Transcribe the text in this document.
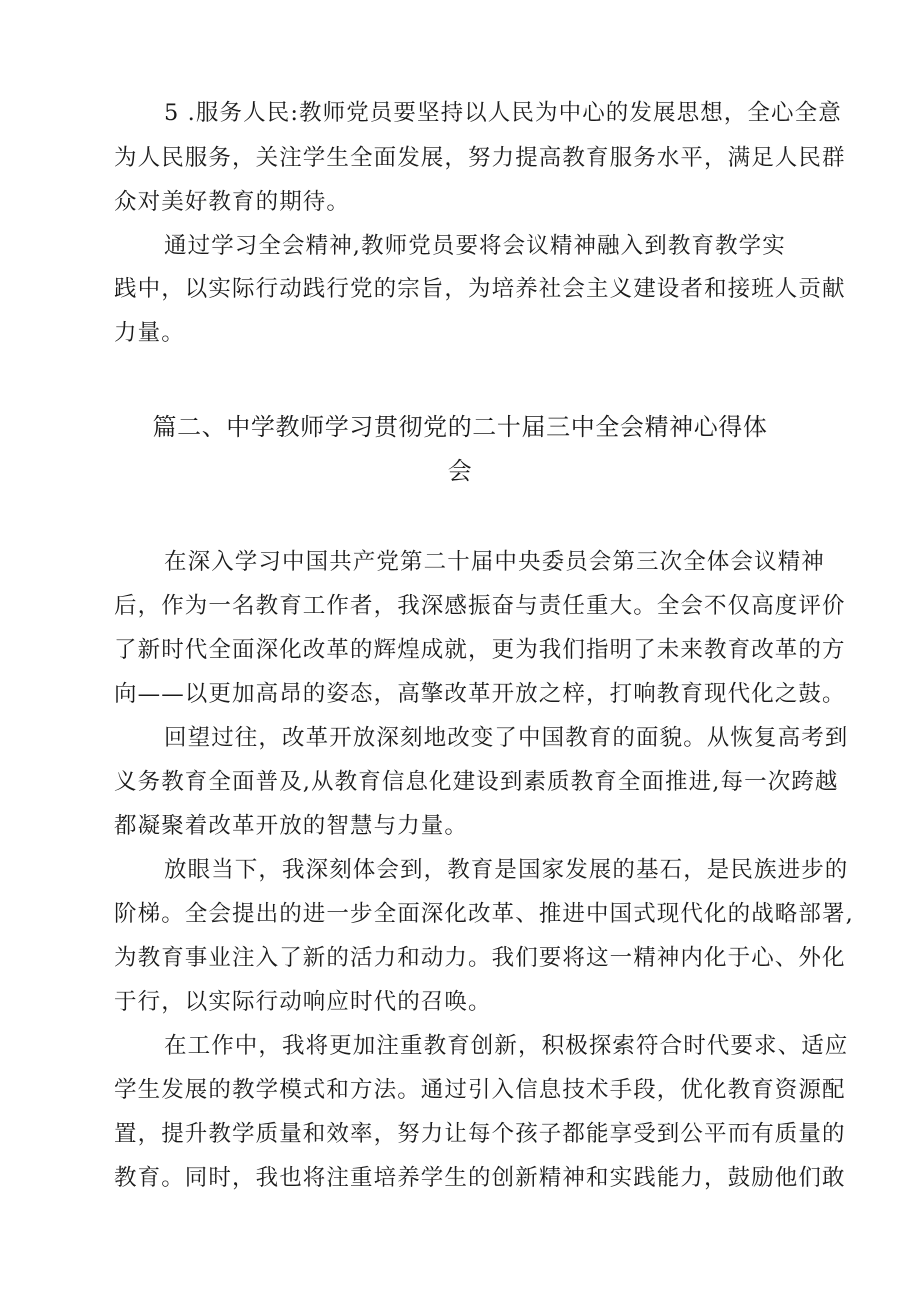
5 .服务人民:教师党员要坚持以人民为中心的发展思想，全心全意
为人民服务，关注学生全面发展，努力提高教育服务水平，满足人民群
众对美好教育的期待。
通过学习全会精神,教师党员要将会议精神融入到教育教学实
践中，以实际行动践行党的宗旨，为培养社会主义建设者和接班人贡献
力量。
篇二、中学教师学习贯彻党的二十届三中全会精神心得体
会
在深入学习中国共产党第二十届中央委员会第三次全体会议精神
后，作为一名教育工作者，我深感振奋与责任重大。全会不仅高度评价
了新时代全面深化改革的辉煌成就，更为我们指明了未来教育改革的方
向——以更加高昂的姿态，高擎改革开放之梓，打响教育现代化之鼓。
回望过往，改革开放深刻地改变了中国教育的面貌。从恢复高考到
义务教育全面普及,从教育信息化建设到素质教育全面推进,每一次跨越
都凝聚着改革开放的智慧与力量。
放眼当下，我深刻体会到，教育是国家发展的基石，是民族进步的
阶梯。全会提出的进一步全面深化改革、推进中国式现代化的战略部署,
为教育事业注入了新的活力和动力。我们要将这一精神内化于心、外化
于行，以实际行动响应时代的召唤。
在工作中，我将更加注重教育创新，积极探索符合时代要求、适应
学生发展的教学模式和方法。通过引入信息技术手段，优化教育资源配
置，提升教学质量和效率，努力让每个孩子都能享受到公平而有质量的
教育。同时，我也将注重培养学生的创新精神和实践能力，鼓励他们敢
